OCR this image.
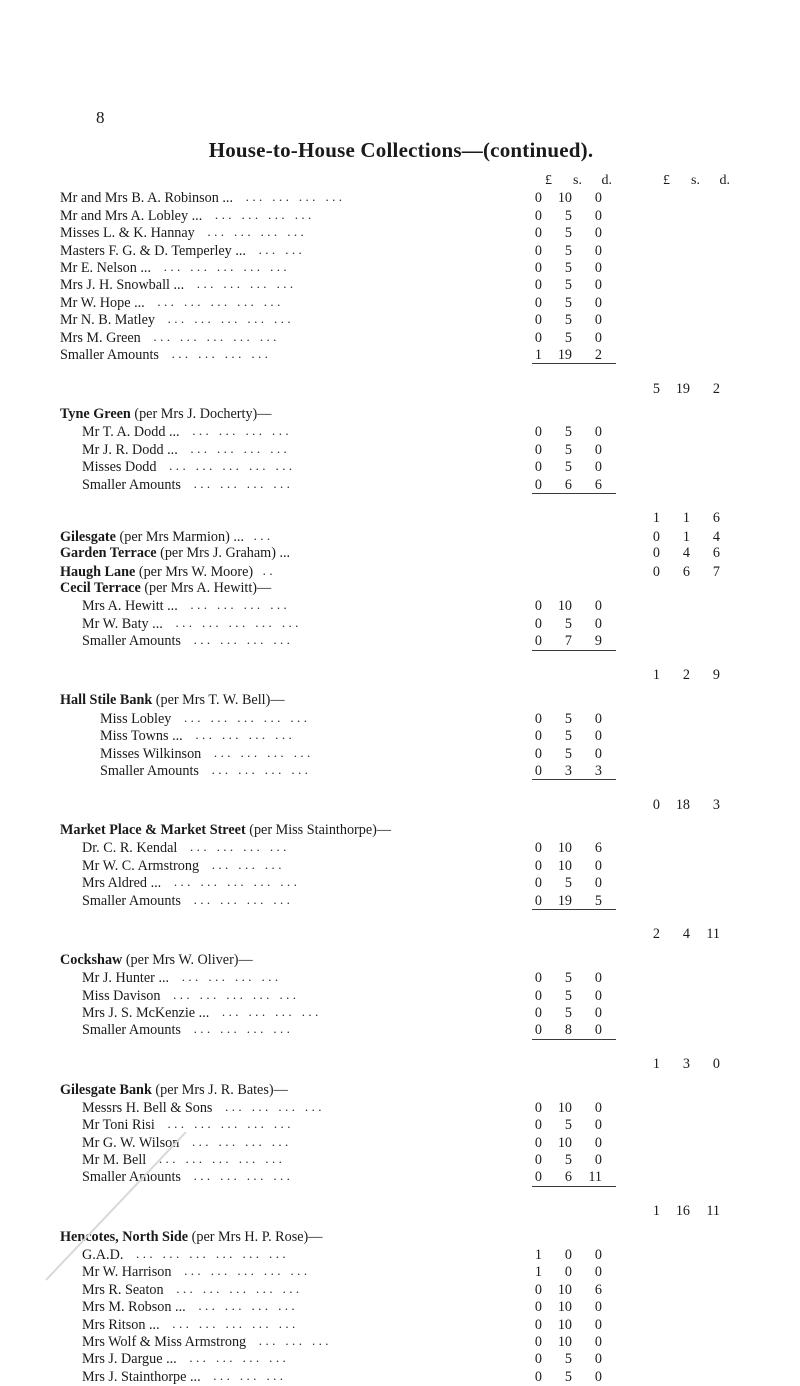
8
House-to-House Collections—(continued).
£	s.	d.	£	s.	d.
Mr and Mrs B. A. Robinson ... ... ... ... ...	0	10	0
Mr and Mrs A. Lobley ... ... ... ... ...	0	5	0
Misses L. & K. Hannay ... ... ... ...	0	5	0
Masters F. G. & D. Temperley ... ... ...	0	5	0
Mr E. Nelson ... ... ... ... ... ...	0	5	0
Mrs J. H. Snowball ... ... ... ... ...	0	5	0
Mr W. Hope ... ... ... ... ... ...	0	5	0
Mr N. B. Matley ... ... ... ... ...	0	5	0
Mrs M. Green ... ... ... ... ...	0	5	0
Smaller Amounts ... ... ... ...	1	19	2
5	19	2
Tyne Green (per Mrs J. Docherty)—
Mr T. A. Dodd ... ... ... ... ...	0	5	0
Mr J. R. Dodd ... ... ... ... ...	0	5	0
Misses Dodd ... ... ... ... ...	0	5	0
Smaller Amounts ... ... ... ...	0	6	6
1	1	6
Gilesgate (per Mrs Marmion) ... ...	0	1	4
Garden Terrace (per Mrs J. Graham) ...	0	4	6
Haugh Lane (per Mrs W. Moore) ..	0	6	7
Cecil Terrace (per Mrs A. Hewitt)—
Mrs A. Hewitt ... ... ... ... ...	0	10	0
Mr W. Baty ... ... ... ... ... ...	0	5	0
Smaller Amounts ... ... ... ...	0	7	9
1	2	9
Hall Stile Bank (per Mrs T. W. Bell)—
Miss Lobley ... ... ... ... ...	0	5	0
Miss Towns ... ... ... ... ...	0	5	0
Misses Wilkinson ... ... ... ...	0	5	0
Smaller Amounts ... ... ... ...	0	3	3
0	18	3
Market Place & Market Street (per Miss Stainthorpe)—
Dr. C. R. Kendal ... ... ... ...	0	10	6
Mr W. C. Armstrong ... ... ...	0	10	0
Mrs Aldred ... ... ... ... ... ...	0	5	0
Smaller Amounts ... ... ... ...	0	19	5
2	4	11
Cockshaw (per Mrs W. Oliver)—
Mr J. Hunter ... ... ... ... ...	0	5	0
Miss Davison ... ... ... ... ...	0	5	0
Mrs J. S. McKenzie ... ... ... ... ...	0	5	0
Smaller Amounts ... ... ... ...	0	8	0
1	3	0
Gilesgate Bank (per Mrs J. R. Bates)—
Messrs H. Bell & Sons ... ... ... ...	0	10	0
Mr Toni Risi ... ... ... ... ...	0	5	0
Mr G. W. Wilson ... ... ... ...	0	10	0
Mr M. Bell ... ... ... ... ...	0	5	0
Smaller Amounts ... ... ... ...	0	6	11
1	16	11
Hencotes, North Side (per Mrs H. P. Rose)—
G.A.D. ... ... ... ... ... ...	1	0	0
Mr W. Harrison ... ... ... ... ...	1	0	0
Mrs R. Seaton ... ... ... ... ...	0	10	6
Mrs M. Robson ... ... ... ... ...	0	10	0
Mrs Ritson ... ... ... ... ... ...	0	10	0
Mrs Wolf & Miss Armstrong ... ... ...	0	10	0
Mrs J. Dargue ... ... ... ... ...	0	5	0
Mrs J. Stainthorpe ... ... ... ...	0	5	0
